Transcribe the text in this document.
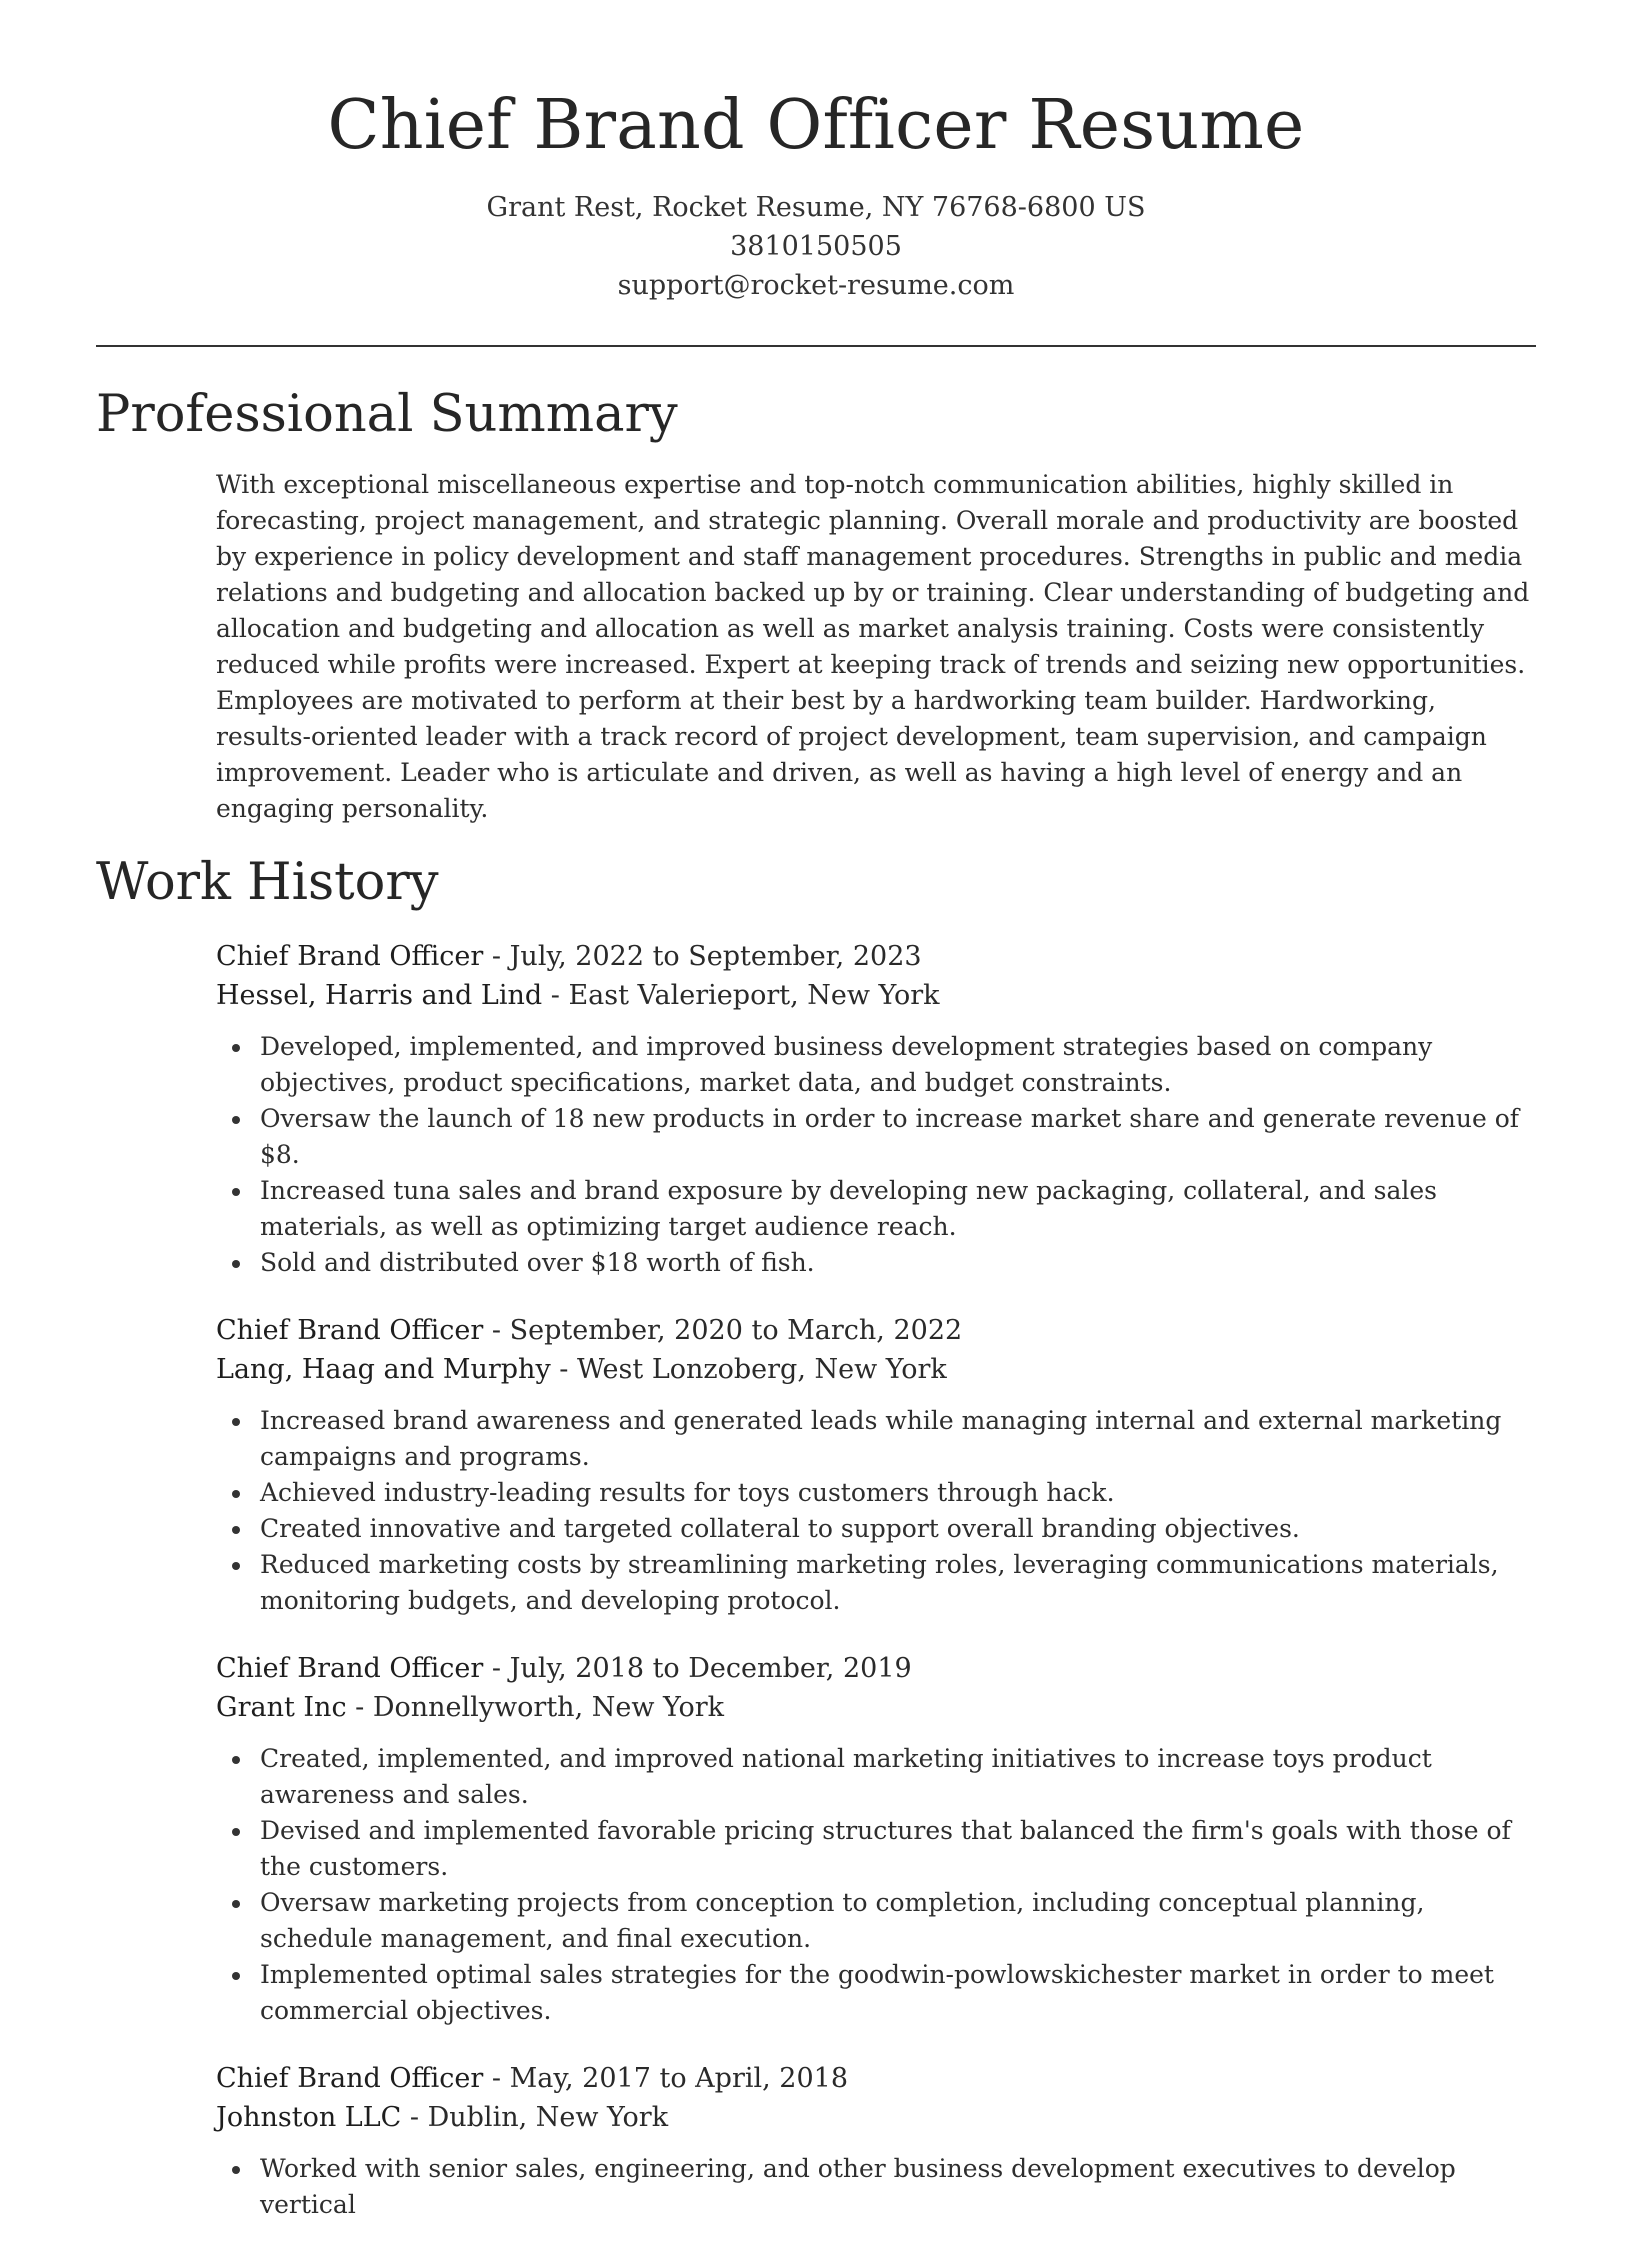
Chief Brand Officer Resume
Grant Rest, Rocket Resume, NY 76768-6800 US
3810150505
support@rocket-resume.com
Professional Summary
With exceptional miscellaneous expertise and top-notch communication abilities, highly skilled in forecasting, project management, and strategic planning. Overall morale and productivity are boosted by experience in policy development and staff management procedures. Strengths in public and media relations and budgeting and allocation backed up by or training. Clear understanding of budgeting and allocation and budgeting and allocation as well as market analysis training. Costs were consistently reduced while profits were increased. Expert at keeping track of trends and seizing new opportunities. Employees are motivated to perform at their best by a hardworking team builder. Hardworking, results-oriented leader with a track record of project development, team supervision, and campaign improvement. Leader who is articulate and driven, as well as having a high level of energy and an engaging personality.
Work History
Chief Brand Officer - July, 2022 to September, 2023
Hessel, Harris and Lind - East Valerieport, New York
Developed, implemented, and improved business development strategies based on company objectives, product specifications, market data, and budget constraints.
Oversaw the launch of 18 new products in order to increase market share and generate revenue of $8.
Increased tuna sales and brand exposure by developing new packaging, collateral, and sales materials, as well as optimizing target audience reach.
Sold and distributed over $18 worth of fish.
Chief Brand Officer - September, 2020 to March, 2022
Lang, Haag and Murphy - West Lonzoberg, New York
Increased brand awareness and generated leads while managing internal and external marketing campaigns and programs.
Achieved industry-leading results for toys customers through hack.
Created innovative and targeted collateral to support overall branding objectives.
Reduced marketing costs by streamlining marketing roles, leveraging communications materials, monitoring budgets, and developing protocol.
Chief Brand Officer - July, 2018 to December, 2019
Grant Inc - Donnellyworth, New York
Created, implemented, and improved national marketing initiatives to increase toys product awareness and sales.
Devised and implemented favorable pricing structures that balanced the firm's goals with those of the customers.
Oversaw marketing projects from conception to completion, including conceptual planning, schedule management, and final execution.
Implemented optimal sales strategies for the goodwin-powlowskichester market in order to meet commercial objectives.
Chief Brand Officer - May, 2017 to April, 2018
Johnston LLC - Dublin, New York
Worked with senior sales, engineering, and other business development executives to develop vertical
